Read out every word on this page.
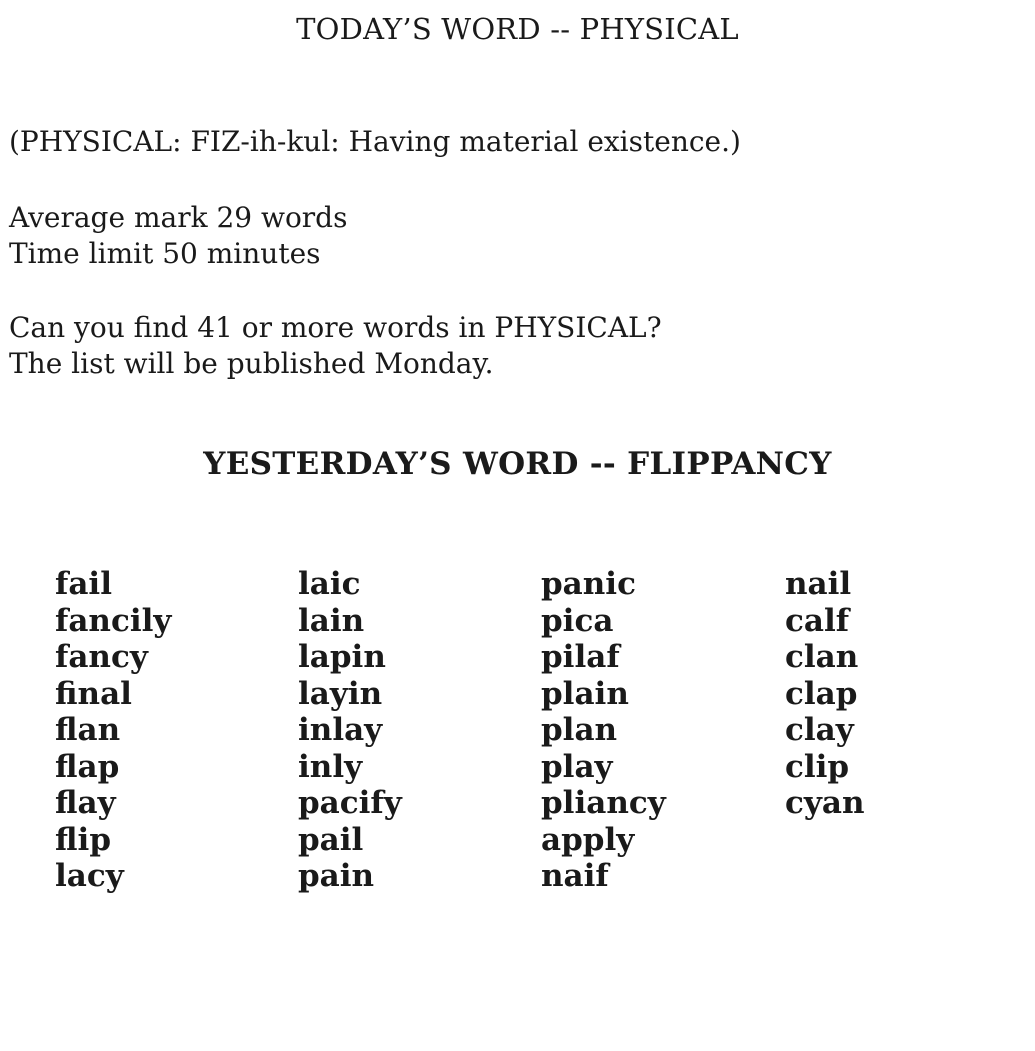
TODAY’S WORD -- PHYSICAL
(PHYSICAL: FIZ-ih-kul: Having material existence.)
Average mark 29 words
Time limit 50 minutes
Can you find 41 or more words in PHYSICAL?
The list will be published Monday.
YESTERDAY’S WORD -- FLIPPANCY
fail
fancily
fancy
final
flan
flap
flay
flip
lacy
laic
lain
lapin
layin
inlay
inly
pacify
pail
pain
panic
pica
pilaf
plain
plan
play
pliancy
apply
naif
nail
calf
clan
clap
clay
clip
cyan
